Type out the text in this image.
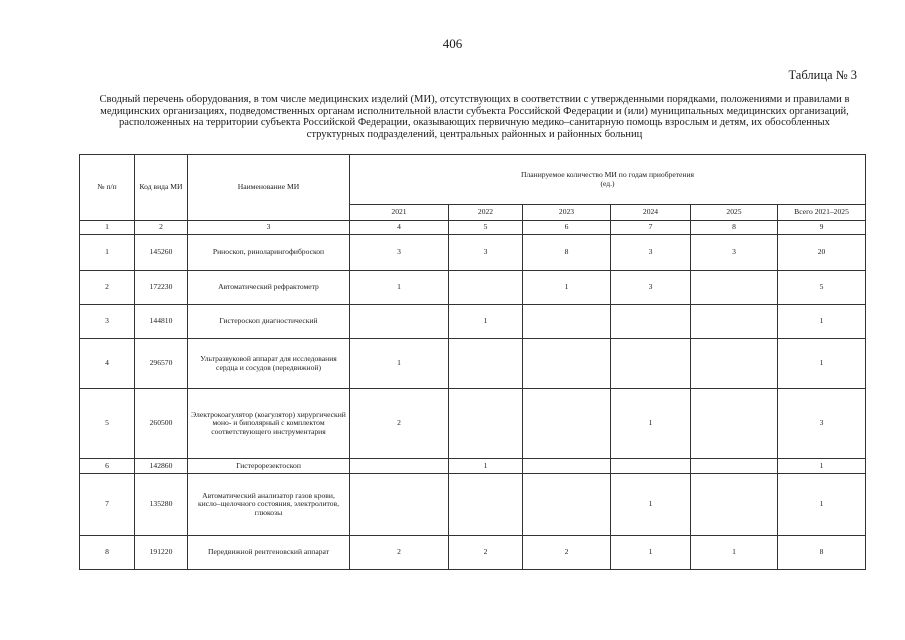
406
Таблица № 3
Сводный перечень оборудования, в том числе медицинских изделий (МИ), отсутствующих в соответствии с утвержденными порядками, положениями и правилами в
медицинских организациях, подведомственных органам исполнительной власти субъекта Российской Федерации и (или) муниципальных медицинских организаций,
расположенных на территории субъекта Российской Федерации, оказывающих первичную медико–санитарную помощь взрослым и детям, их обособленных
структурных подразделений, центральных районных и районных больниц
№ п/п	Код вида МИ	Наименование МИ	Планируемое количество МИ по годам приобретения
(ед.)					

			2021	2022	2023	2024	2025	Всего 2021–2025
1	2	3	4	5	6	7	8	9
1	145260	Риноскоп, риноларингофиброскоп	3	3	8	3	3	20
2	172230	Автоматический рефрактометр	1		1	3		5
3	144810	Гистероскоп диагностический		1				1
4	296570	Ультразвуковой аппарат для исследования сердца и сосудов (передвижной)	1					1
5	260500	Электрокоагулятор (коагулятор) хирургический моно- и биполярный с комплектом соответствующего инструментария	2			1		3
6	142860	Гистерорезектоскоп		1				1
7	135280	Автоматический анализатор газов крови, кисло–щелочного состояния, электролитов, глюкозы				1		1
8	191220	Передвижной рентгеновский аппарат	2	2	2	1	1	8
